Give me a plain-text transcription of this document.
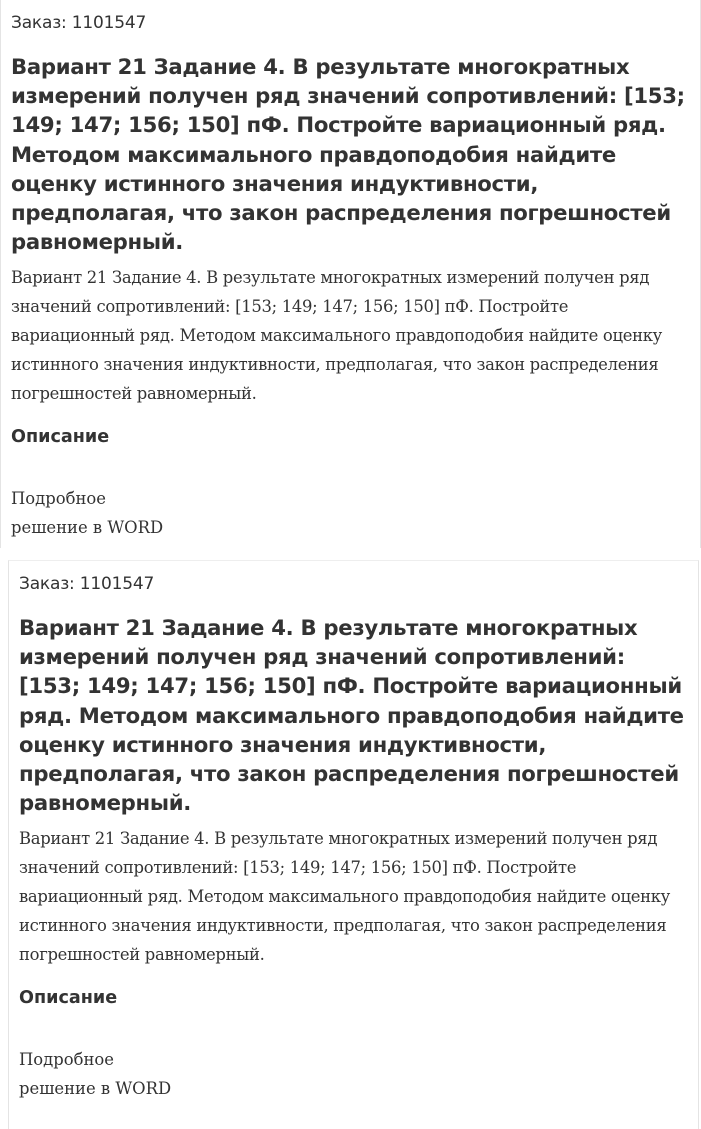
Заказ: 1101547
Вариант 21 Задание 4. В результате многократных измерений получен ряд значений сопротивлений: [153; 149; 147; 156; 150] пФ. Постройте вариационный ряд. Методом максимального правдоподобия найдите оценку истинного значения индуктивности, предполагая, что закон распределения погрешностей равномерный.
Вариант 21 Задание 4. В результате многократных измерений получен ряд значений сопротивлений: [153; 149; 147; 156; 150] пФ. Постройте вариационный ряд. Методом максимального правдоподобия найдите оценку истинного значения индуктивности, предполагая, что закон распределения погрешностей равномерный.
Описание
Подробное
решение в WORD
Заказ: 1101547
Вариант 21 Задание 4. В результате многократных измерений получен ряд значений сопротивлений: [153; 149; 147; 156; 150] пФ. Постройте вариационный ряд. Методом максимального правдоподобия найдите оценку истинного значения индуктивности, предполагая, что закон распределения погрешностей равномерный.
Вариант 21 Задание 4. В результате многократных измерений получен ряд значений сопротивлений: [153; 149; 147; 156; 150] пФ. Постройте вариационный ряд. Методом максимального правдоподобия найдите оценку истинного значения индуктивности, предполагая, что закон распределения погрешностей равномерный.
Описание
Подробное
решение в WORD
